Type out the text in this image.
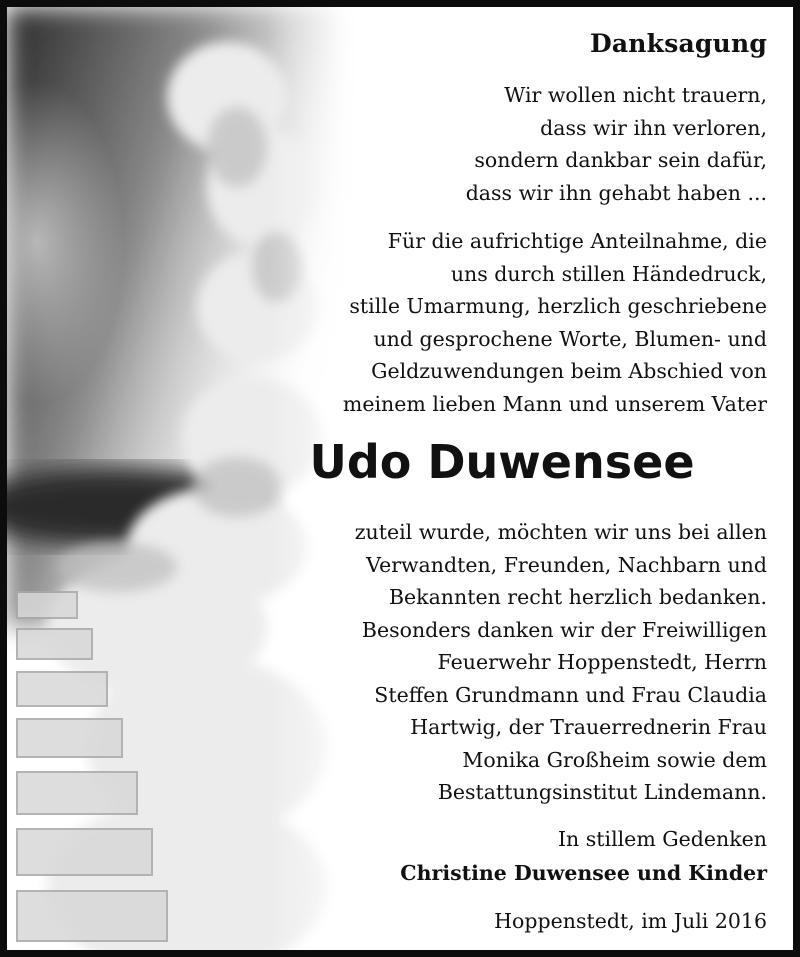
Danksagung
Wir wollen nicht trauern,
dass wir ihn verloren,
sondern dankbar sein dafür,
dass wir ihn gehabt haben ...
Für die aufrichtige Anteilnahme, die
uns durch stillen Händedruck,
stille Umarmung, herzlich geschriebene
und gesprochene Worte, Blumen- und
Geldzuwendungen beim Abschied von
meinem lieben Mann und unserem Vater
Udo Duwensee
zuteil wurde, möchten wir uns bei allen
Verwandten, Freunden, Nachbarn und
Bekannten recht herzlich bedanken.
Besonders danken wir der Freiwilligen
Feuerwehr Hoppenstedt, Herrn
Steffen Grundmann und Frau Claudia
Hartwig, der Trauerrednerin Frau
Monika Großheim sowie dem
Bestattungsinstitut Lindemann.
In stillem Gedenken
Christine Duwensee und Kinder
Hoppenstedt, im Juli 2016
